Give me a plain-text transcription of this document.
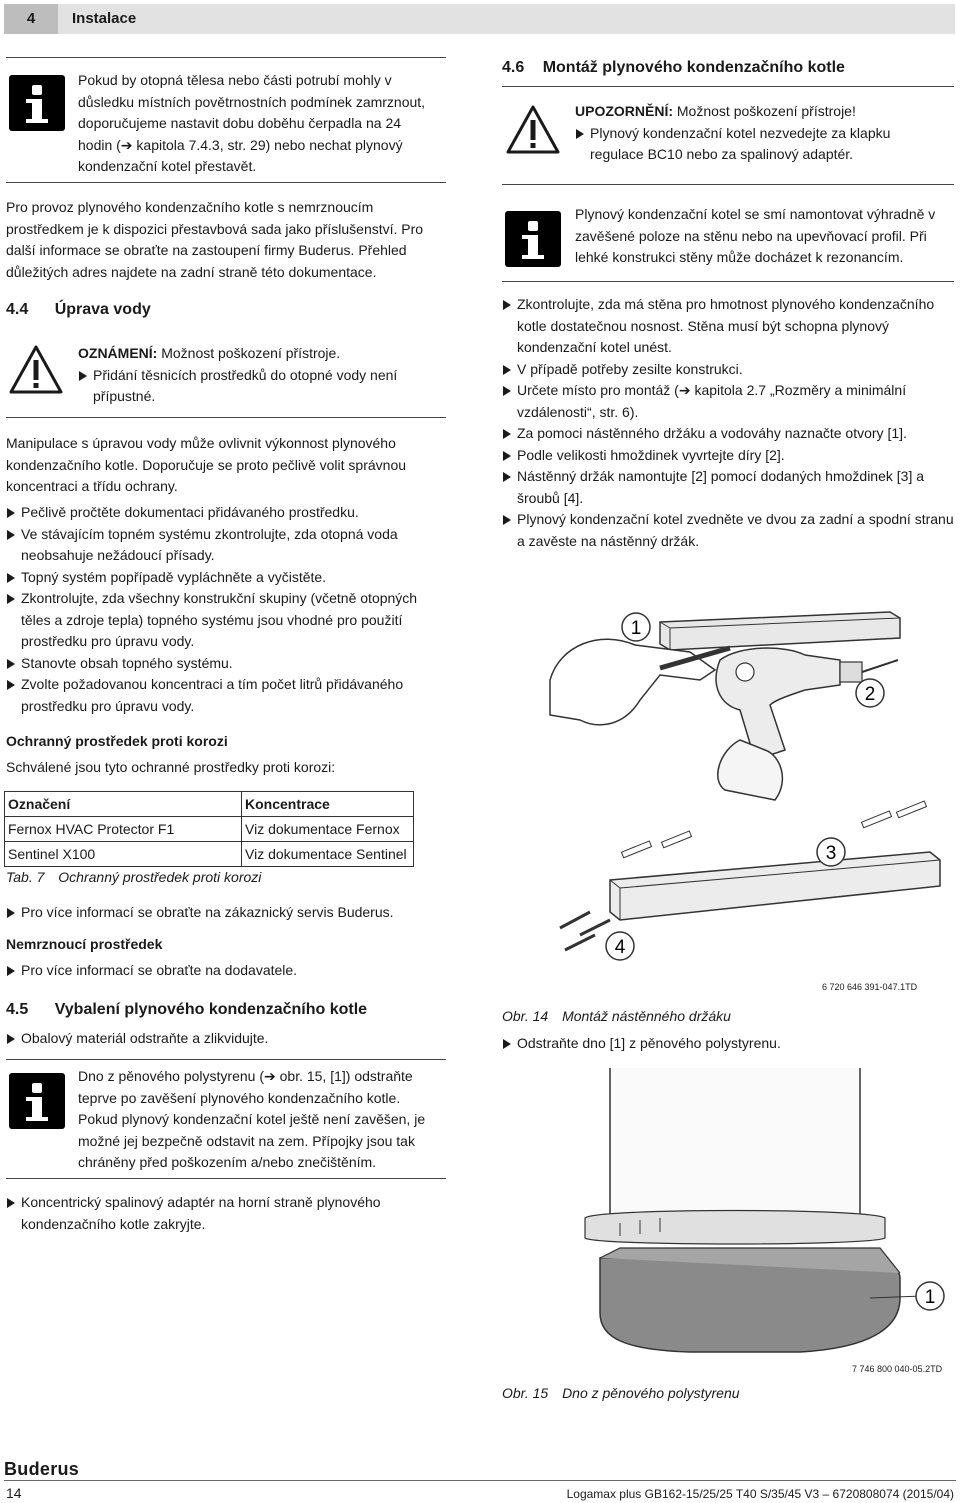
4	Instalace
Pokud by otopná tělesa nebo části potrubí mohly v důsledku místních povětrnostních podmínek zamrznout, doporučujeme nastavit dobu doběhu čerpadla na 24 hodin (➔ kapitola 7.4.3, str. 29) nebo nechat plynový kondenzační kotel přestavět.
Pro provoz plynového kondenzačního kotle s nemrznoucím prostředkem je k dispozici přestavbová sada jako příslušenství. Pro další informace se obraťte na zastoupení firmy Buderus. Přehled důležitých adres najdete na zadní straně této dokumentace.
4.4 Úprava vody
OZNÁMENÍ: Možnost poškození přístroje.
Přidání těsnicích prostředků do otopné vody není přípustné.
Manipulace s úpravou vody může ovlivnit výkonnost plynového kondenzačního kotle. Doporučuje se proto pečlivě volit správnou koncentraci a třídu ochrany.
Pečlivě pročtěte dokumentaci přidávaného prostředku.
Ve stávajícím topném systému zkontrolujte, zda otopná voda neobsahuje nežádoucí přísady.
Topný systém popřípadě vypláchněte a vyčistěte.
Zkontrolujte, zda všechny konstrukční skupiny (včetně otopných těles a zdroje tepla) topného systému jsou vhodné pro použití prostředku pro úpravu vody.
Stanovte obsah topného systému.
Zvolte požadovanou koncentraci a tím počet litrů přidávaného prostředku pro úpravu vody.
Ochranný prostředek proti korozi
Schválené jsou tyto ochranné prostředky proti korozi:
Označení	Koncentrace
Fernox HVAC Protector F1	Viz dokumentace Fernox
Sentinel X100	Viz dokumentace Sentinel
Tab. 7 Ochranný prostředek proti korozi
Pro více informací se obraťte na zákaznický servis Buderus.
Nemrznoucí prostředek
Pro více informací se obraťte na dodavatele.
4.5 Vybalení plynového kondenzačního kotle
Obalový materiál odstraňte a zlikvidujte.
Dno z pěnového polystyrenu (➔ obr. 15, [1]) odstraňte teprve po zavěšení plynového kondenzačního kotle. Pokud plynový kondenzační kotel ještě není zavěšen, je možné jej bezpečně odstavit na zem. Přípojky jsou tak chráněny před poškozením a/nebo znečištěním.
Koncentrický spalinový adaptér na horní straně plynového kondenzačního kotle zakryjte.
4.6 Montáž plynového kondenzačního kotle
UPOZORNĚNÍ: Možnost poškození přístroje!
Plynový kondenzační kotel nezvedejte za klapku regulace BC10 nebo za spalinový adaptér.
Plynový kondenzační kotel se smí namontovat výhradně v zavěšené poloze na stěnu nebo na upevňovací profil. Při lehké konstrukci stěny může docházet k rezonancím.
Zkontrolujte, zda má stěna pro hmotnost plynového kondenzačního kotle dostatečnou nosnost. Stěna musí být schopna plynový kondenzační kotel unést.
V případě potřeby zesilte konstrukci.
Určete místo pro montáž (➔ kapitola 2.7 „Rozměry a minimální vzdálenosti“, str. 6).
Za pomoci nástěnného držáku a vodováhy naznačte otvory [1].
Podle velikosti hmoždinek vyvrtejte díry [2].
Nástěnný držák namontujte [2] pomocí dodaných hmoždinek [3] a šroubů [4].
Plynový kondenzační kotel zvedněte ve dvou za zadní a spodní stranu a zavěste na nástěnný držák.
1
2
3
4
6 720 646 391-047.1TD
Obr. 14 Montáž nástěnného držáku
Odstraňte dno [1] z pěnového polystyrenu.
1
7 746 800 040-05.2TD
Obr. 15 Dno z pěnového polystyrenu
Buderus
14	Logamax plus GB162-15/25/25 T40 S/35/45 V3 – 6720808074 (2015/04)
